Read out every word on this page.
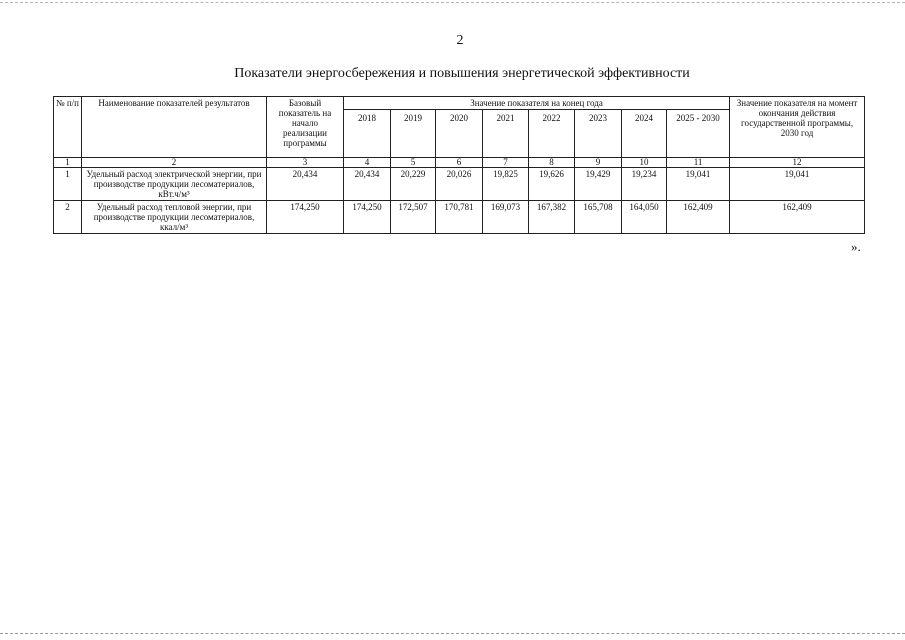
2
Показатели энергосбережения и повышения энергетической эффективности
№ п/п	Наименование показателей результатов	Базовый показатель на начало реализации программы	Значение показателя на конец года								Значение показателя на момент окончания действия государственной программы, 2030 год
			2018	2019	2020	2021	2022	2023	2024	2025 - 2030	
1	2	3	4	5	6	7	8	9	10	11	12
1	Удельный расход электрической энергии, при производстве продукции лесоматериалов, кВт.ч/м³	20,434	20,434	20,229	20,026	19,825	19,626	19,429	19,234	19,041	19,041
2	Удельный расход тепловой энергии, при производстве продукции лесоматериалов, ккал/м³	174,250	174,250	172,507	170,781	169,073	167,382	165,708	164,050	162,409	162,409
».
